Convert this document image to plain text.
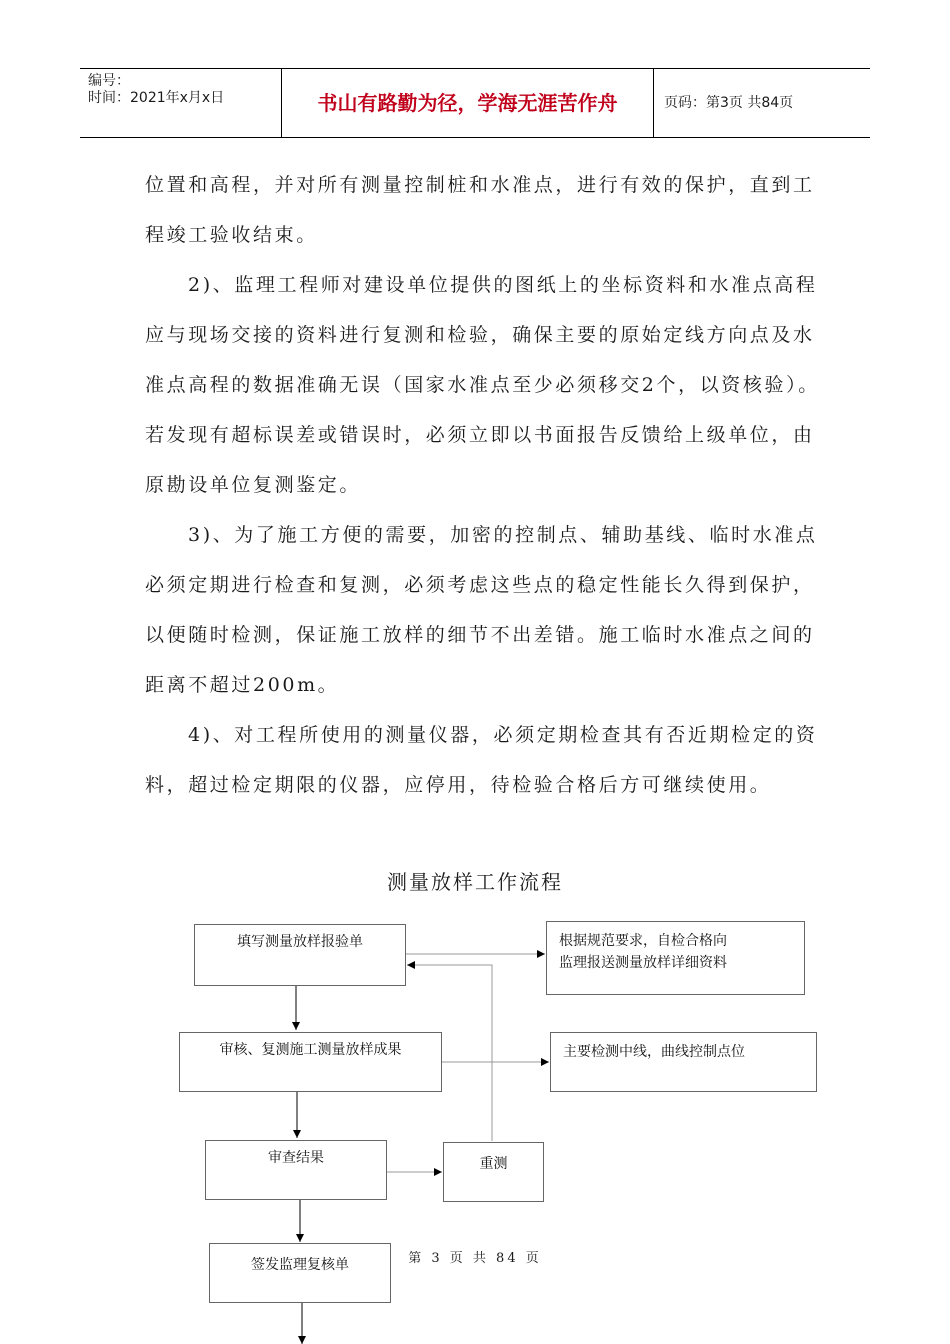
编号：
时间：2021年x月x日	书山有路勤为径，学海无涯苦作舟	页码：第3页 共84页

位置和高程，并对所有测量控制桩和水准点，进行有效的保护，直到工程竣工验收结束。

2)、监理工程师对建设单位提供的图纸上的坐标资料和水准点高程应与现场交接的资料进行复测和检验，确保主要的原始定线方向点及水准点高程的数据准确无误（国家水准点至少必须移交2个，以资核验）。若发现有超标误差或错误时，必须立即以书面报告反馈给上级单位，由原勘设单位复测鉴定。

3)、为了施工方便的需要，加密的控制点、辅助基线、临时水准点必须定期进行检查和复测，必须考虑这些点的稳定性能长久得到保护，以便随时检测，保证施工放样的细节不出差错。施工临时水准点之间的距离不超过200m。

4)、对工程所使用的测量仪器，必须定期检查其有否近期检定的资料，超过检定期限的仪器，应停用，待检验合格后方可继续使用。

测量放样工作流程
填写测量放样报验单	根据规范要求，自检合格向
监理报送测量放样详细资料
审核、复测施工测量放样成果	主要检测中线，曲线控制点位
审查结果	重测
签发监理复核单	第 3 页 共 84 页
